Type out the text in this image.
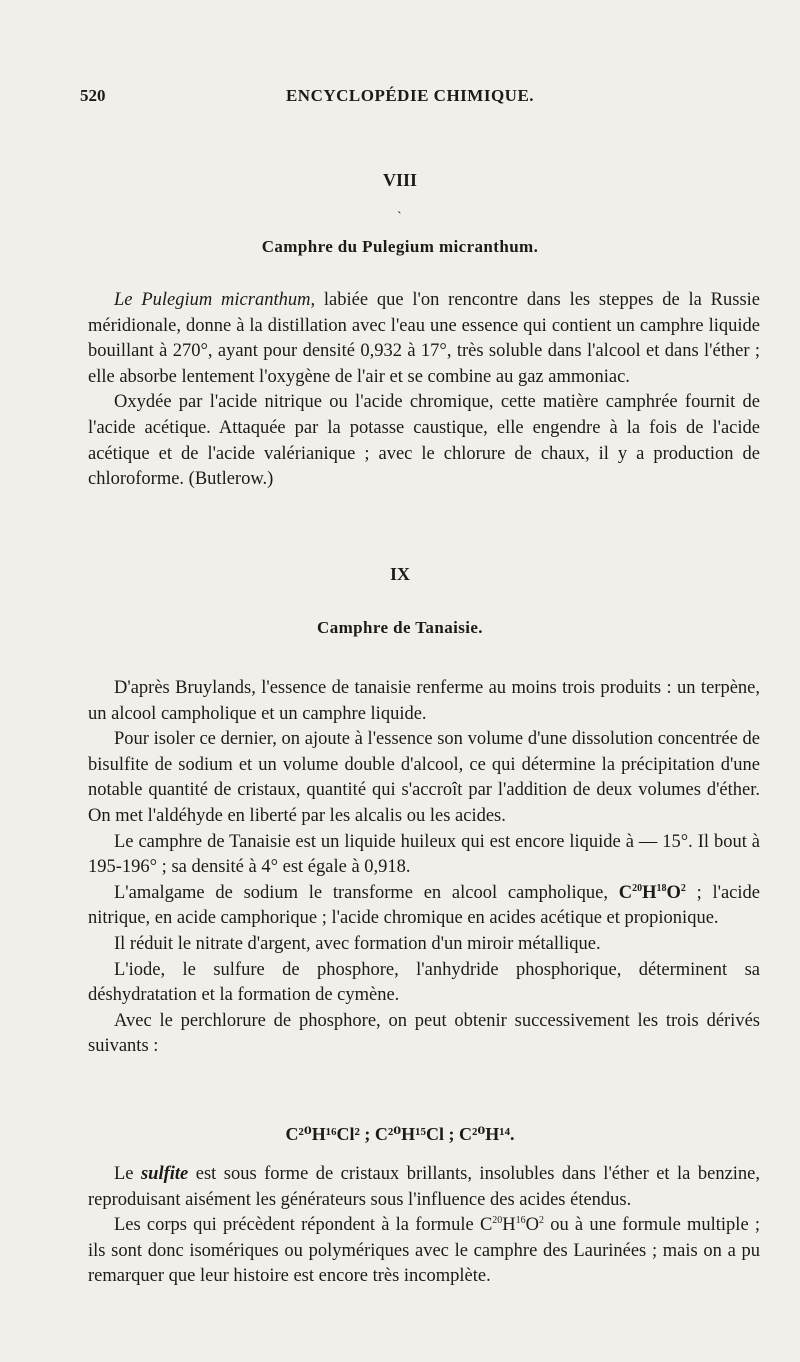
520	ENCYCLOPÉDIE CHIMIQUE.
VIII
`
Camphre du Pulegium micranthum.

Le Pulegium micranthum, labiée que l'on rencontre dans les steppes de la Russie méridionale, donne à la distillation avec l'eau une essence qui contient un camphre liquide bouillant à 270°, ayant pour densité 0,932 à 17°, très soluble dans l'alcool et dans l'éther ; elle absorbe lentement l'oxygène de l'air et se combine au gaz ammoniac.

Oxydée par l'acide nitrique ou l'acide chromique, cette matière camphrée fournit de l'acide acétique. Attaquée par la potasse caustique, elle engendre à la fois de l'acide acétique et de l'acide valérianique ; avec le chlorure de chaux, il y a production de chloroforme. (Butlerow.)

IX
Camphre de Tanaisie.

D'après Bruylands, l'essence de tanaisie renferme au moins trois produits : un terpène, un alcool campholique et un camphre liquide.

Pour isoler ce dernier, on ajoute à l'essence son volume d'une dissolution concentrée de bisulfite de sodium et un volume double d'alcool, ce qui détermine la précipitation d'une notable quantité de cristaux, quantité qui s'accroît par l'addition de deux volumes d'éther. On met l'aldéhyde en liberté par les alcalis ou les acides.

Le camphre de Tanaisie est un liquide huileux qui est encore liquide à — 15°. Il bout à 195-196° ; sa densité à 4° est égale à 0,918.

L'amalgame de sodium le transforme en alcool campholique, $C^{20}H^{18}O^2$ ; l'acide nitrique, en acide camphorique ; l'acide chromique en acides acétique et propionique.

Il réduit le nitrate d'argent, avec formation d'un miroir métallique.

L'iode, le sulfure de phosphore, l'anhydride phosphorique, déterminent sa déshydratation et la formation de cymène.

Avec le perchlorure de phosphore, on peut obtenir successivement les trois dérivés suivants :

C²⁰H¹⁶Cl² ; C²⁰H¹⁵Cl ; C²⁰H¹⁴.

Le sulfite est sous forme de cristaux brillants, insolubles dans l'éther et la benzine, reproduisant aisément les générateurs sous l'influence des acides étendus.

Les corps qui précèdent répondent à la formule $C^{20}H^{16}O^2$ ou à une formule multiple ; ils sont donc isomériques ou polymériques avec le camphre des Laurinées ; mais on a pu remarquer que leur histoire est encore très incomplète.
